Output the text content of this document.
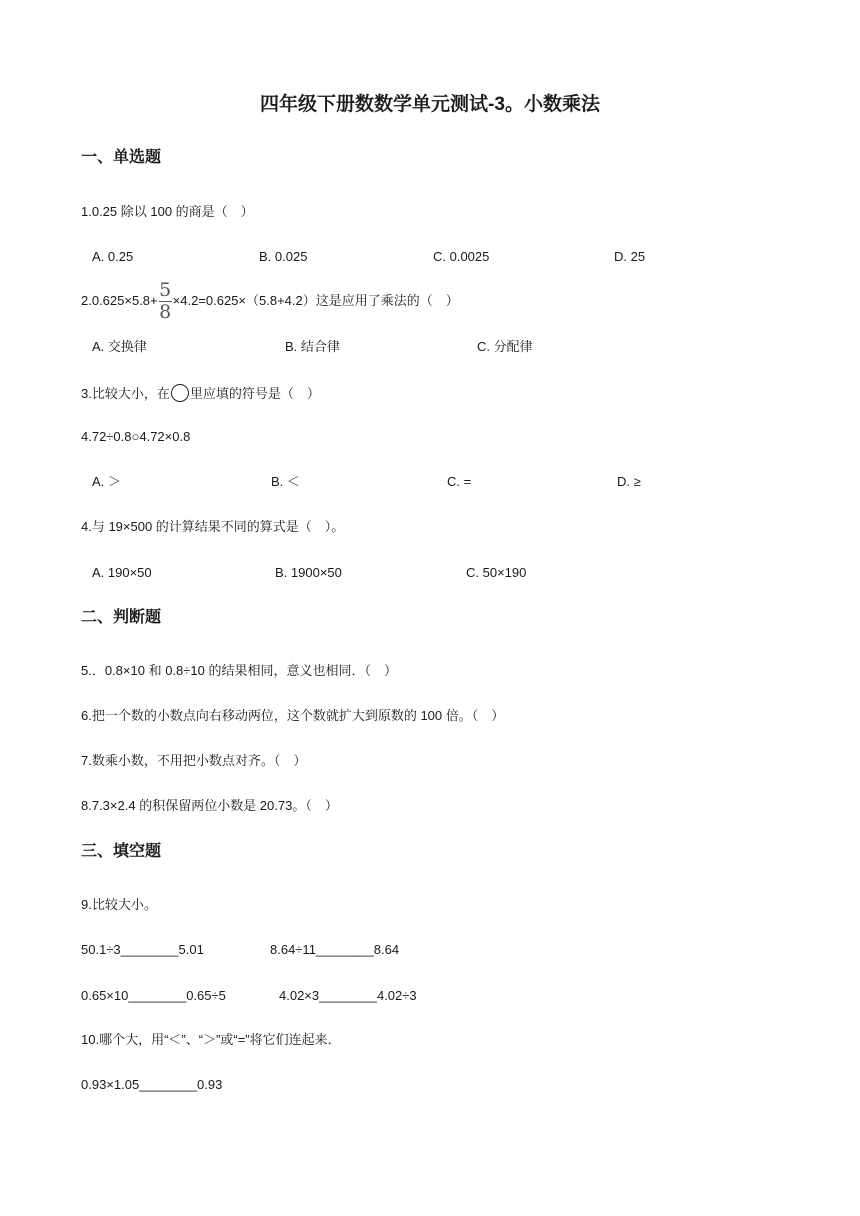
四年级下册数数学单元测试-3。小数乘法
一、单选题
1.0.25 除以 100 的商是（　）
A. 0.25	B. 0.025	C. 0.0025	D. 25
$2.0.625\times 5.8+ \frac{5}{8} \times 4.2=0.625\times(5.8+4.2)$这是应用了乘法的（　）
A. 交换律	B. 结合律	C. 分配律
3.比较大小，在 里应填的符号是（　）
4.72÷0.8○4.72×0.8
A. ＞	B. ＜	C. =	D. ≥
4.与 19×500 的计算结果不同的算式是（　）。
A. 190×50	B. 1900×50	C. 50×190
二、判断题
5.．0.8×10 和 0.8÷10 的结果相同，意义也相同．（　）
6.把一个数的小数点向右移动两位，这个数就扩大到原数的 100 倍。（　）
7.数乘小数，不用把小数点对齐。（　）
8.7.3×2.4 的积保留两位小数是 20.73。（　）
三、填空题
9.比较大小。
50.1÷3________5.01	8.64÷11________8.64
0.65×10________0.65÷5	4.02×3________4.02÷3
10.哪个大，用“＜”、“＞”或“=”将它们连起来．
0.93×1.05________0.93
